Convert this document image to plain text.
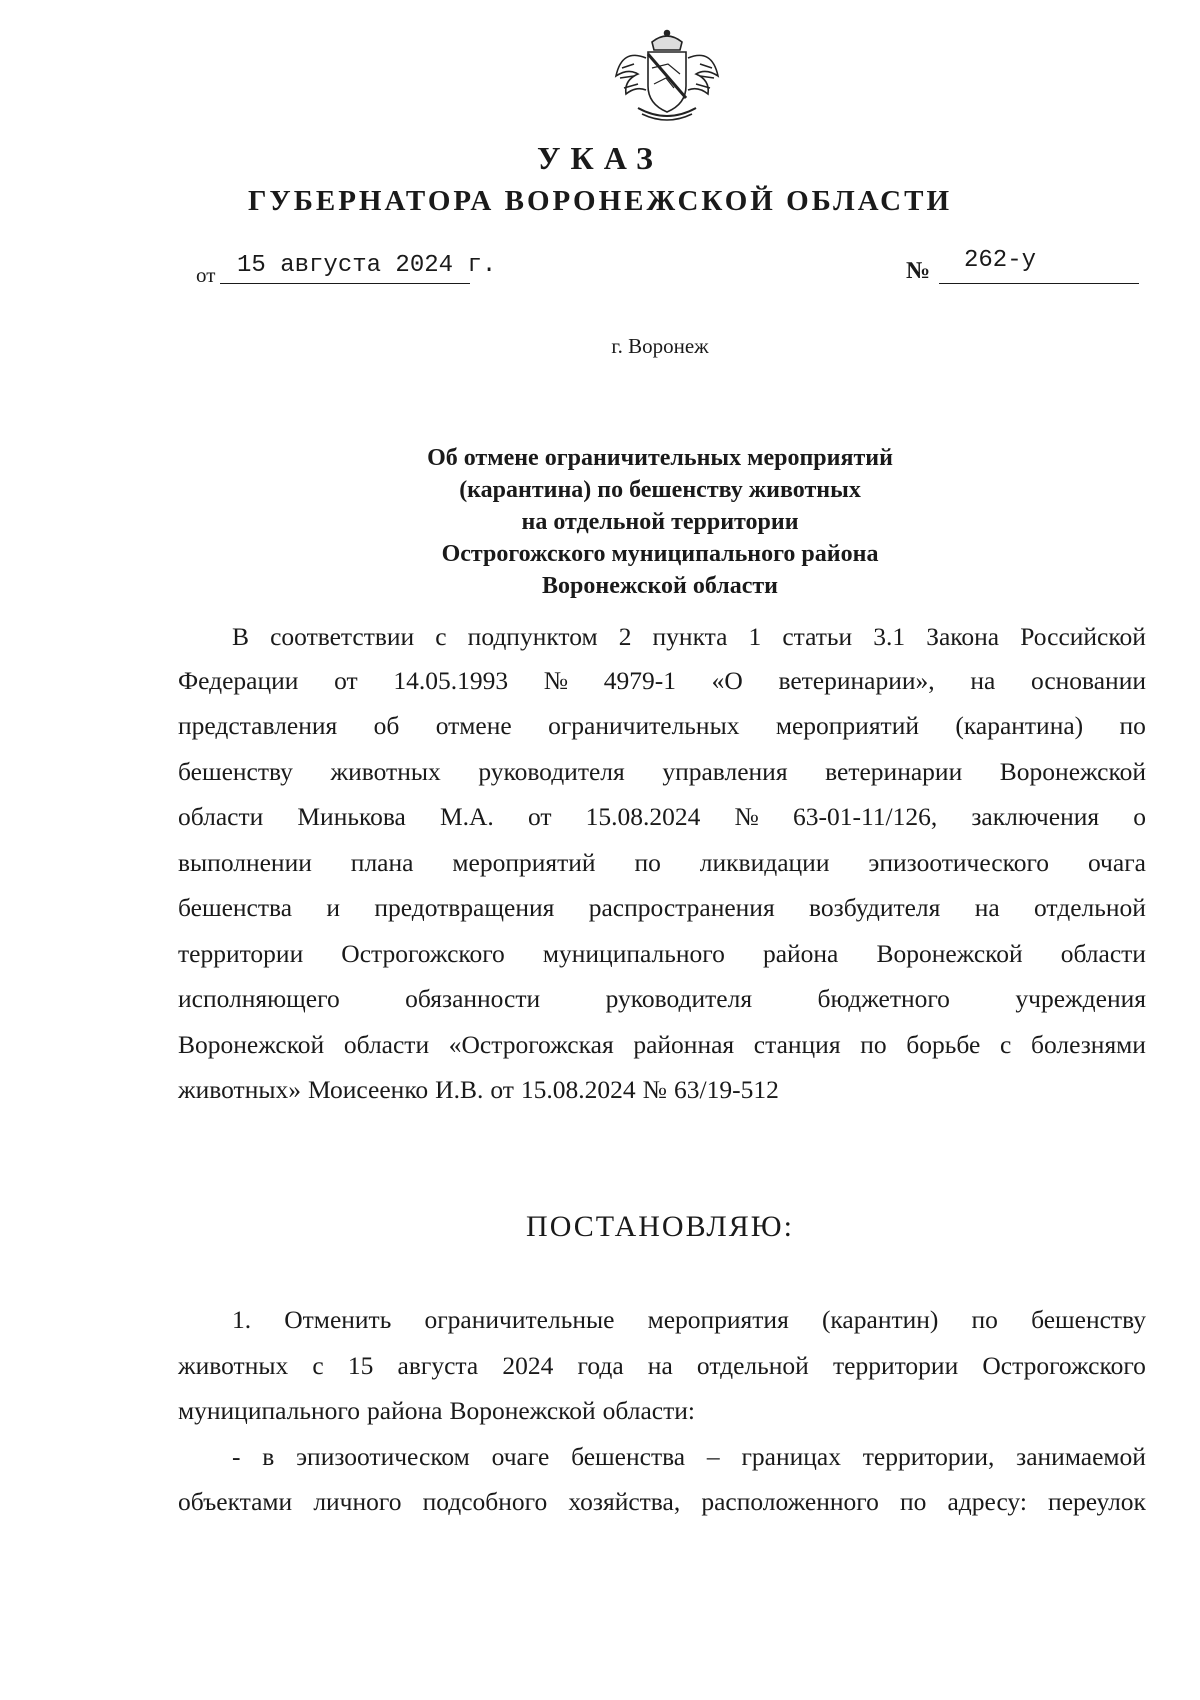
УКАЗ
ГУБЕРНАТОРА ВОРОНЕЖСКОЙ ОБЛАСТИ
от 15 августа 2024 г.	№ 262-у
г. Воронеж
Об отмене ограничительных мероприятий
(карантина) по бешенству животных
на отдельной территории
Острогожского муниципального района
Воронежской области
В соответствии с подпунктом 2 пункта 1 статьи 3.1 Закона Российской
Федерации от 14.05.1993 № 4979-1 «О ветеринарии», на основании
представления об отмене ограничительных мероприятий (карантина) по
бешенству животных руководителя управления ветеринарии Воронежской
области Минькова М.А. от 15.08.2024 № 63-01-11/126, заключения о
выполнении плана мероприятий по ликвидации эпизоотического очага
бешенства и предотвращения распространения возбудителя на отдельной
территории Острогожского муниципального района Воронежской области
исполняющего	обязанности	руководителя	бюджетного	учреждения
Воронежской области «Острогожская районная станция по борьбе с болезнями
животных» Моисеенко И.В. от 15.08.2024 № 63/19-512
ПОСТАНОВЛЯЮ:
1. Отменить ограничительные мероприятия (карантин) по бешенству
животных с 15 августа 2024 года на отдельной территории Острогожского
муниципального района Воронежской области:
- в эпизоотическом очаге бешенства – границах территории, занимаемой
объектами личного подсобного хозяйства, расположенного по адресу: переулок
